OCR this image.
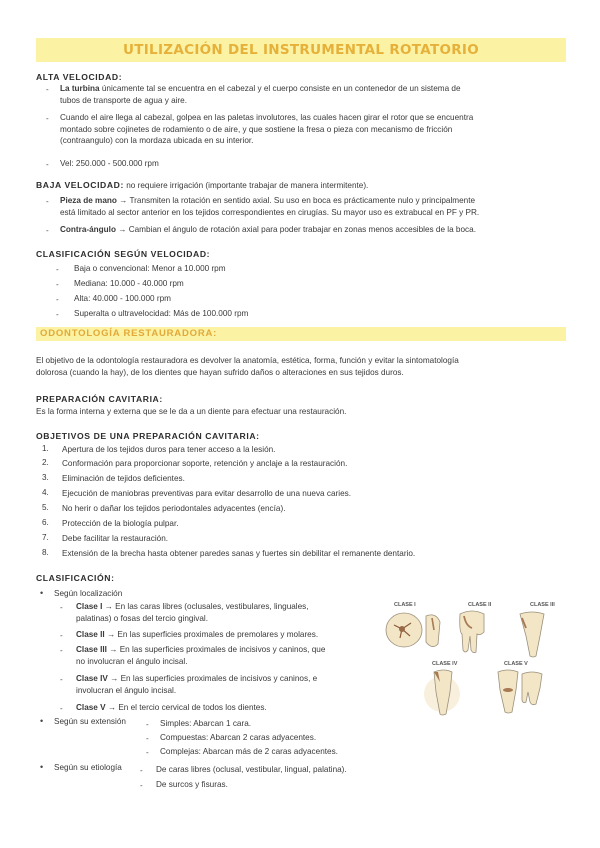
UTILIZACIÓN DEL INSTRUMENTAL ROTATORIO
ALTA VELOCIDAD:
- La turbina únicamente tal se encuentra en el cabezal y el cuerpo consiste en un contenedor de un sistema de
tubos de transporte de agua y aire.
- Cuando el aire llega al cabezal, golpea en las paletas involutores, las cuales hacen girar el rotor que se encuentra
montado sobre cojinetes de rodamiento o de aire, y que sostiene la fresa o pieza con mecanismo de fricción
(contraangulo) con la mordaza ubicada en su interior.
- Vel: 250.000 - 500.000 rpm
BAJA VELOCIDAD: no requiere irrigación (importante trabajar de manera intermitente).
- Pieza de mano → Transmiten la rotación en sentido axial. Su uso en boca es prácticamente nulo y principalmente
está limitado al sector anterior en los tejidos correspondientes en cirugías. Su mayor uso es extrabucal en PF y PR.
- Contra-ángulo → Cambian el ángulo de rotación axial para poder trabajar en zonas menos accesibles de la boca.
CLASIFICACIÓN SEGÚN VELOCIDAD:
- Baja o convencional: Menor a 10.000 rpm
- Mediana: 10.000 - 40.000 rpm
- Alta: 40.000 - 100.000 rpm
- Superalta o ultravelocidad: Más de 100.000 rpm
ODONTOLOGÍA RESTAURADORA:
El objetivo de la odontología restauradora es devolver la anatomía, estética, forma, función y evitar la sintomatología
dolorosa (cuando la hay), de los dientes que hayan sufrido daños o alteraciones en sus tejidos duros.
PREPARACIÓN CAVITARIA:
Es la forma interna y externa que se le da a un diente para efectuar una restauración.
OBJETIVOS DE UNA PREPARACIÓN CAVITARIA:
1. Apertura de los tejidos duros para tener acceso a la lesión.
2. Conformación para proporcionar soporte, retención y anclaje a la restauración.
3. Eliminación de tejidos deficientes.
4. Ejecución de maniobras preventivas para evitar desarrollo de una nueva caries.
5. No herir o dañar los tejidos periodontales adyacentes (encía).
6. Protección de la biología pulpar.
7. Debe facilitar la restauración.
8. Extensión de la brecha hasta obtener paredes sanas y fuertes sin debilitar el remanente dentario.
CLASIFICACIÓN:
• Según localización
- Clase I → En las caras libres (oclusales, vestibulares, linguales,
palatinas) o fosas del tercio gingival.
- Clase II → En las superficies proximales de premolares y molares.
- Clase III → En las superficies proximales de incisivos y caninos, que
no involucran el ángulo incisal.
- Clase IV → En las superficies proximales de incisivos y caninos, e
involucran el ángulo incisal.
- Clase V → En el tercio cervical de todos los dientes.
• Según su extensión	- Simples: Abarcan 1 cara.
- Compuestas: Abarcan 2 caras adyacentes.
- Complejas: Abarcan más de 2 caras adyacentes.
• Según su etiología - De caras libres (oclusal, vestibular, lingual, palatina).
- De surcos y fisuras.
CLASE I	CLASE II	CLASE III
CLASE IV	CLASE V
